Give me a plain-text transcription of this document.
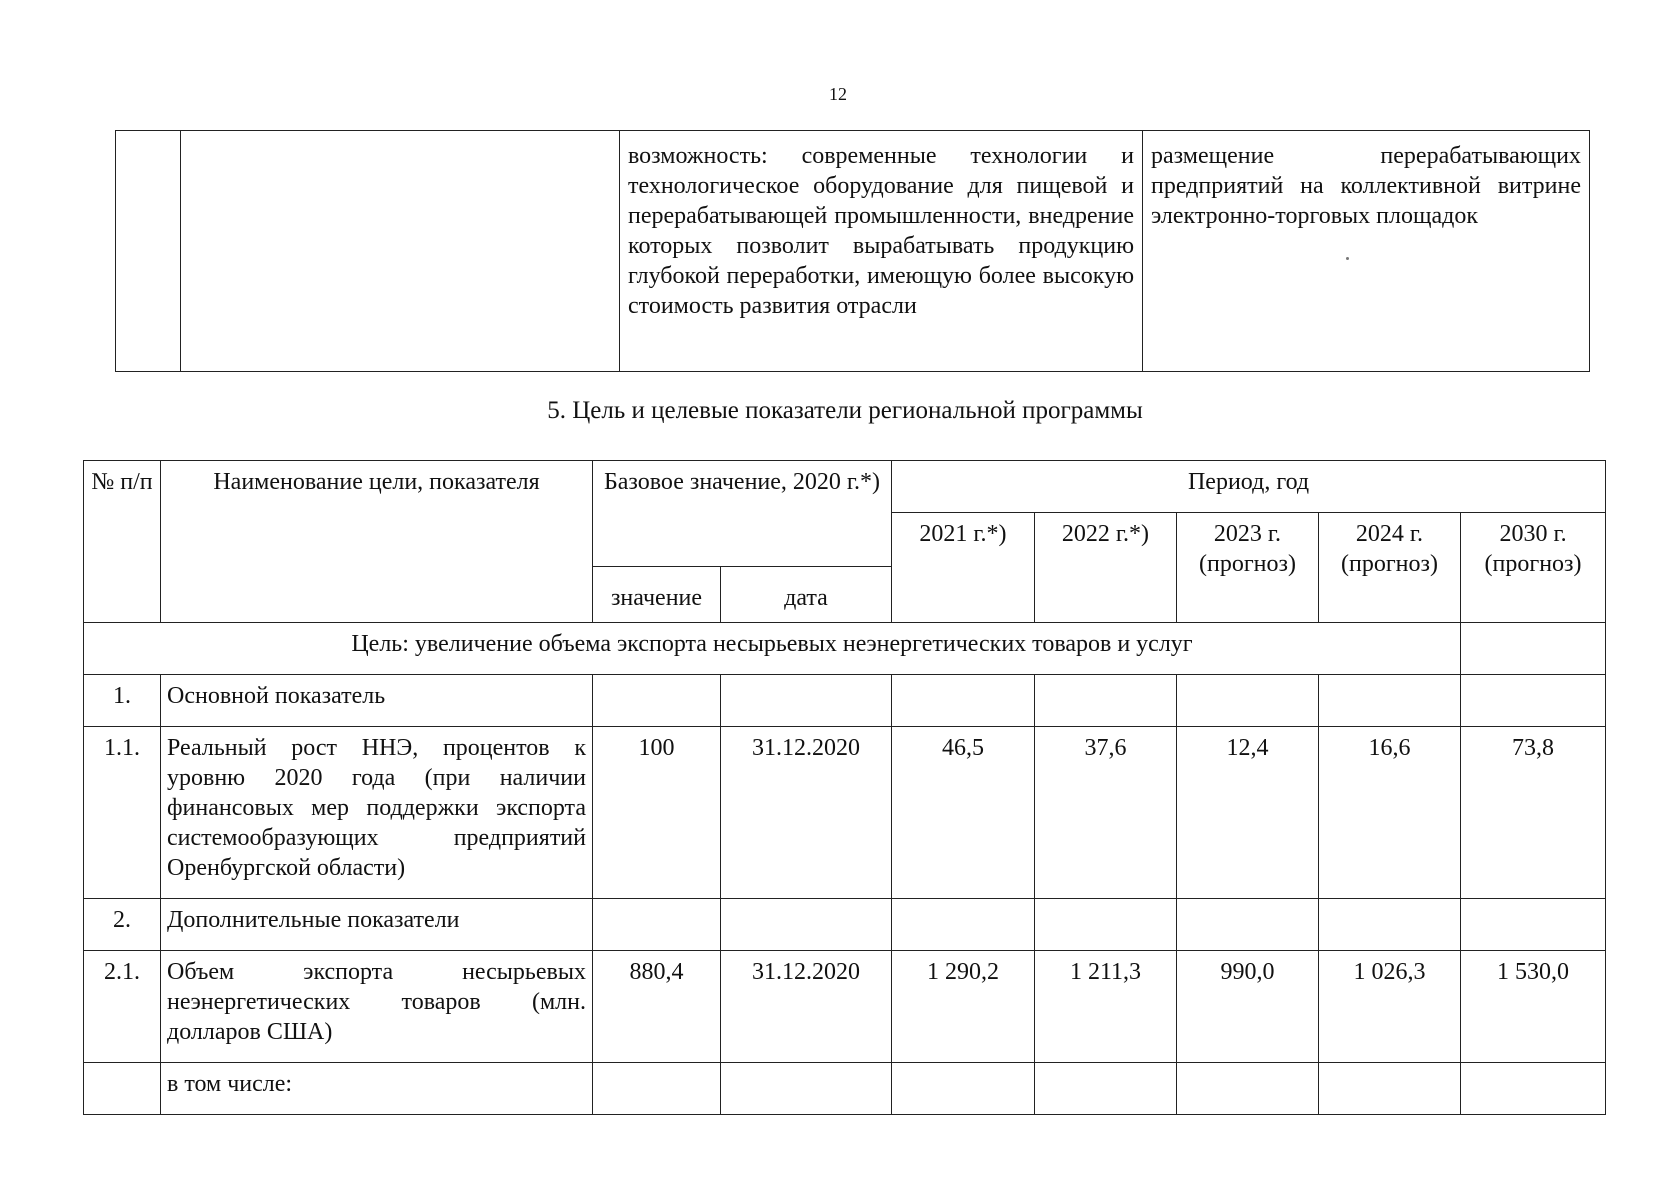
12
		возможность: современные технологии и технологическое оборудование для пищевой и перерабатывающей промышленности, внедрение которых позволит вырабатывать продукцию глубокой переработки, имеющую более высокую стоимость развития отрасли	размещение перерабатывающих предприятий на коллективной витрине электронно-торговых площадок
5. Цель и целевые показатели региональной программы
№ п/п	Наименование цели, показателя	Базовое значение, 2020 г.*)		Период, год				
				2021 г.*)	2022 г.*)	2023 г. (прогноз)	2024 г. (прогноз)	2030 г. (прогноз)
		значение	дата					
Цель: увеличение объема экспорта несырьевых неэнергетических товаров и услуг								
1.	Основной показатель							
1.1.	Реальный рост ННЭ, процентов к уровню 2020 года (при наличии финансовых мер поддержки экспорта системообразующих предприятий Оренбургской области)	100	31.12.2020	46,5	37,6	12,4	16,6	73,8
2.	Дополнительные показатели							
2.1.	Объем экспорта несырьевых неэнергетических товаров (млн. долларов США)	880,4	31.12.2020	1 290,2	1 211,3	990,0	1 026,3	1 530,0
	в том числе:							
